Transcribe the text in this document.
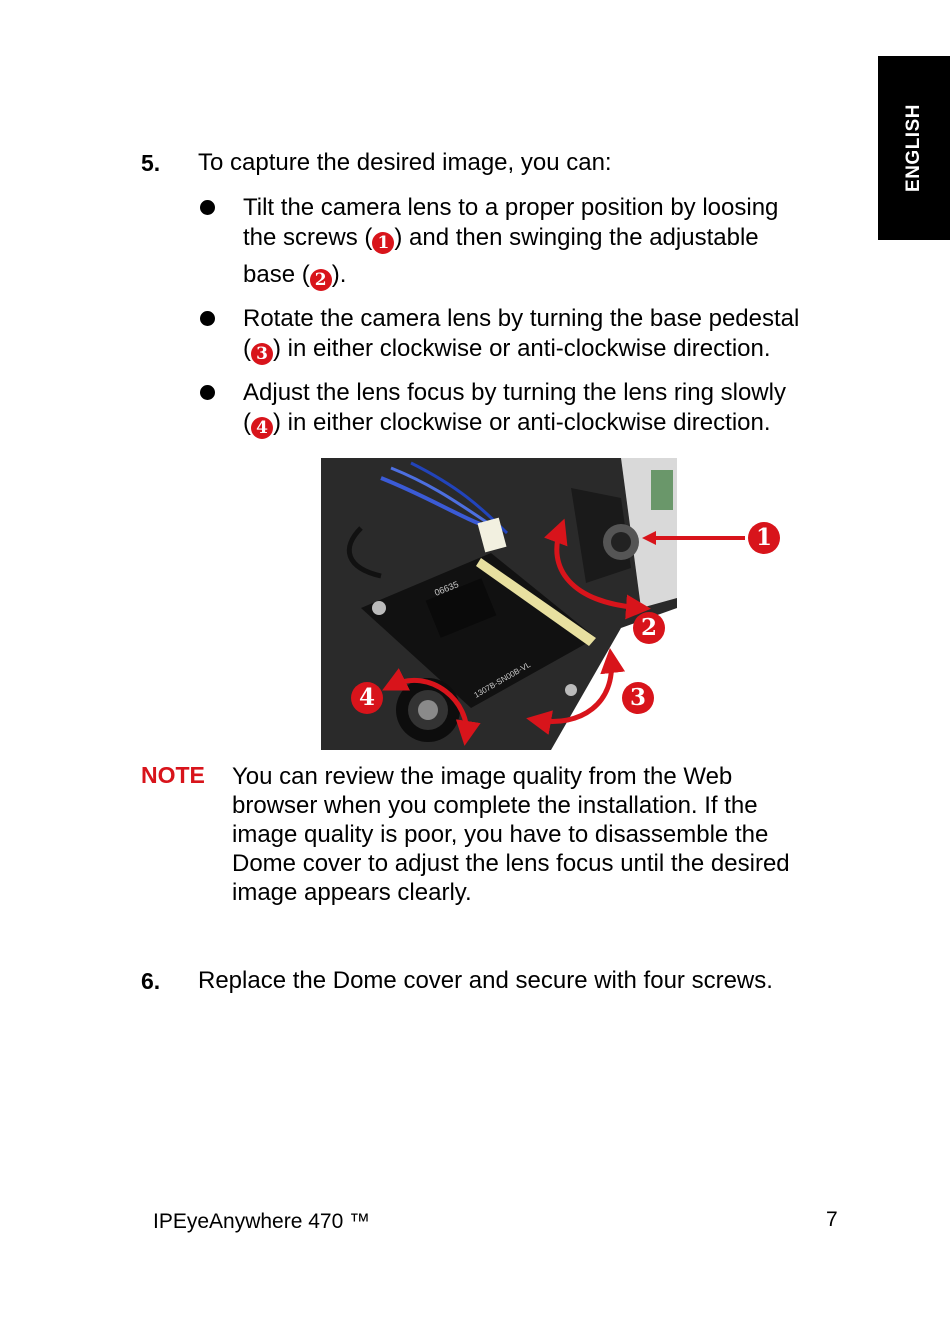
ENGLISH
5. To capture the desired image, you can:
Tilt the camera lens to a proper position by loosing
the screws ( 1 ) and then swinging the adjustable
base ( 2 ).
Rotate the camera lens by turning the base pedestal
( 3 ) in either clockwise or anti-clockwise direction.
Adjust the lens focus by turning the lens ring slowly
( 4 ) in either clockwise or anti-clockwise direction.
06635
1307B-SN00B-VL
1
2
3
4
NOTE You can review the image quality from the Web
browser when you complete the installation. If the
image quality is poor, you have to disassemble the
Dome cover to adjust the lens focus until the desired
image appears clearly.
6. Replace the Dome cover and secure with four screws.
IPEyeAnywhere 470 ™	7
